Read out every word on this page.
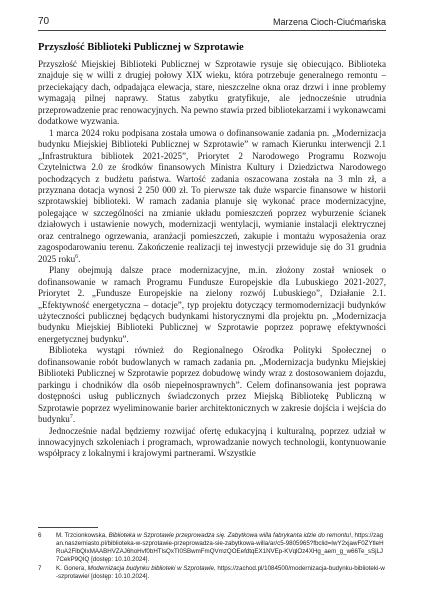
70	Marzena Cioch-Ciućmańska
Przyszłość Biblioteki Publicznej w Szprotawie

Przyszłość Miejskiej Biblioteki Publicznej w Szprotawie rysuje się obiecująco. Biblioteka znajduje się w willi z drugiej połowy XIX wieku, która potrzebuje generalnego remontu – przeciekający dach, odpadająca elewacja, stare, nieszczelne okna oraz drzwi i inne problemy wymagają pilnej naprawy. Status zabytku gratyfikuje, ale jednocześnie utrudnia przeprowadzenie prac renowacyjnych. Na pewno stawia przed bibliotekarzami i wykonawcami dodatkowe wyzwania.

1 marca 2024 roku podpisana została umowa o dofinansowanie zadania pn. „Modernizacja budynku Miejskiej Biblioteki Publicznej w Szprotawie” w ramach Kierunku interwencji 2.1 „Infrastruktura bibliotek 2021-2025”, Priorytet 2 Narodowego Programu Rozwoju Czytelnictwa 2.0 ze środków finansowych Ministra Kultury i Dziedzictwa Narodowego pochodzących z budżetu państwa. Wartość zadania oszacowana została na 3 mln zł, a przyznana dotacja wynosi 2 250 000 zł. To pierwsze tak duże wsparcie finansowe w historii szprotawskiej biblioteki. W ramach zadania planuje się wykonać prace modernizacyjne, polegające w szczególności na zmianie układu pomieszczeń poprzez wyburzenie ścianek działowych i ustawienie nowych, modernizacji wentylacji, wymianie instalacji elektrycznej oraz centralnego ogrzewania, aranżacji pomieszczeń, zakupie i montażu wyposażenia oraz zagospodarowaniu terenu. Zakończenie realizacji tej inwestycji przewiduje się do 31 grudnia 2025 roku$^6$.

Plany obejmują dalsze prace modernizacyjne, m.in. złożony został wniosek o dofinansowanie w ramach Programu Fundusze Europejskie dla Lubuskiego 2021-2027, Priorytet 2. „Fundusze Europejskie na zielony rozwój Lubuskiego”, Działanie 2.1. „Efektywność energetyczna – dotacje”, typ projektu dotyczący termomodernizacji budynków użyteczności publicznej będących budynkami historycznymi dla projektu pn. „Modernizacja budynku Miejskiej Biblioteki Publicznej w Szprotawie poprzez poprawę efektywności energetycznej budynku”.

Biblioteka wystąpi również do Regionalnego Ośrodka Polityki Społecznej o dofinansowanie robót budowlanych w ramach zadania pn. „Modernizacja budynku Miejskiej Biblioteki Publicznej w Szprotawie poprzez dobudowę windy wraz z dostosowaniem dojazdu, parkingu i chodników dla osób niepełnosprawnych”. Celem dofinansowania jest poprawa dostępności usług publicznych świadczonych przez Miejską Bibliotekę Publiczną w Szprotawie poprzez wyeliminowanie barier architektonicznych w zakresie dojścia i wejścia do budynku$^7$.

Jednocześnie nadal będziemy rozwijać ofertę edukacyjną i kulturalną, poprzez udział w innowacyjnych szkoleniach i programach, wprowadzanie nowych technologii, kontynuowanie współpracy z lokalnymi i krajowymi partnerami. Wszystkie

6	M. Trzcionkowska, Biblioteka w Szprotawie przeprowadza się. Zabytkowa willa fabrykanta idzie do remontu!, https://zagan.naszemiasto.pl/biblioteka-w-szprotawie-przeprowadza-sie-zabytkowa-willa/ar/c5-9805965?fbclid=IwY2xjawF0ZYtleHRuA2FlbQIxMAABHVZAJ6hoHvf0bHTlsQxTI0SBwmFmQVmzQOEefdtqEX1NVEp-KVqlOz4XHg_aem_g_w66Te_sSjLJ7CekP9QIQ [dostęp: 10.10.2024].
7	K. Gonera, Modernizacja budynku biblioteki w Szprotawie, https://zachod.pl/1084500/modernizacja-budynku-biblioteki-w-szprotawie/ [dostęp: 10.10.2024].
